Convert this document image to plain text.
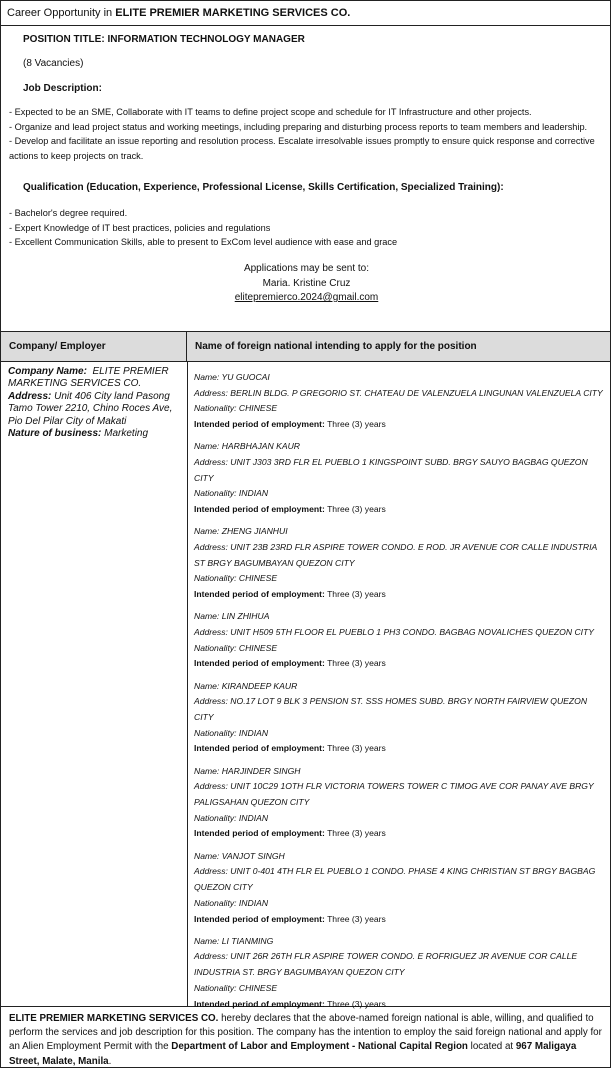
Career Opportunity in ELITE PREMIER MARKETING SERVICES CO.
POSITION TITLE: INFORMATION TECHNOLOGY MANAGER
(8 Vacancies)
Job Description:
- Expected to be an SME, Collaborate with IT teams to define project scope and schedule for IT Infrastructure and other projects.
- Organize and lead project status and working meetings, including preparing and disturbing process reports to team members and leadership.
- Develop and facilitate an issue reporting and resolution process. Escalate irresolvable issues promptly to ensure quick response and corrective actions to keep projects on track.
Qualification (Education, Experience, Professional License, Skills Certification, Specialized Training):
- Bachelor's degree required.
- Expert Knowledge of IT best practices, policies and regulations
- Excellent Communication Skills, able to present to ExCom level audience with ease and grace
Applications may be sent to:
Maria. Kristine Cruz
elitepremierco.2024@gmail.com
Company/ Employer	Name of foreign national intending to apply for the position
Company Name: ELITE PREMIER MARKETING SERVICES CO.
Address: Unit 406 City land Pasong Tamo Tower 2210, Chino Roces Ave, Pio Del Pilar City of Makati
Nature of business: Marketing
Name: YU GUOCAI
Address: BERLIN BLDG. P GREGORIO ST. CHATEAU DE VALENZUELA LINGUNAN VALENZUELA CITY
Nationality: CHINESE
Intended period of employment: Three (3) years
Name: HARBHAJAN KAUR
Address: UNIT J303 3RD FLR EL PUEBLO 1 KINGSPOINT SUBD. BRGY SAUYO BAGBAG QUEZON CITY
Nationality: INDIAN
Intended period of employment: Three (3) years
Name: ZHENG JIANHUI
Address: UNIT 23B 23RD FLR ASPIRE TOWER CONDO. E ROD. JR AVENUE COR CALLE INDUSTRIA ST BRGY BAGUMBAYAN QUEZON CITY
Nationality: CHINESE
Intended period of employment: Three (3) years
Name: LIN ZHIHUA
Address: UNIT H509 5TH FLOOR EL PUEBLO 1 PH3 CONDO. BAGBAG NOVALICHES QUEZON CITY
Nationality: CHINESE
Intended period of employment: Three (3) years
Name: KIRANDEEP KAUR
Address: NO.17 LOT 9 BLK 3 PENSION ST. SSS HOMES SUBD. BRGY NORTH FAIRVIEW QUEZON CITY
Nationality: INDIAN
Intended period of employment: Three (3) years
Name: HARJINDER SINGH
Address: UNIT 10C29 1OTH FLR VICTORIA TOWERS TOWER C TIMOG AVE COR PANAY AVE BRGY PALIGSAHAN QUEZON CITY
Nationality: INDIAN
Intended period of employment: Three (3) years
Name: VANJOT SINGH
Address: UNIT 0-401 4TH FLR EL PUEBLO 1 CONDO. PHASE 4 KING CHRISTIAN ST BRGY BAGBAG QUEZON CITY
Nationality: INDIAN
Intended period of employment: Three (3) years
Name: LI TIANMING
Address: UNIT 26R 26TH FLR ASPIRE TOWER CONDO. E ROFRIGUEZ JR AVENUE COR CALLE INDUSTRIA ST. BRGY BAGUMBAYAN QUEZON CITY
Nationality: CHINESE
Intended period of employment: Three (3) years
ELITE PREMIER MARKETING SERVICES CO. hereby declares that the above-named foreign national is able, willing, and qualified to perform the services and job description for this position. The company has the intention to employ the said foreign national and apply for an Alien Employment Permit with the Department of Labor and Employment - National Capital Region located at 967 Maligaya Street, Malate, Manila.
